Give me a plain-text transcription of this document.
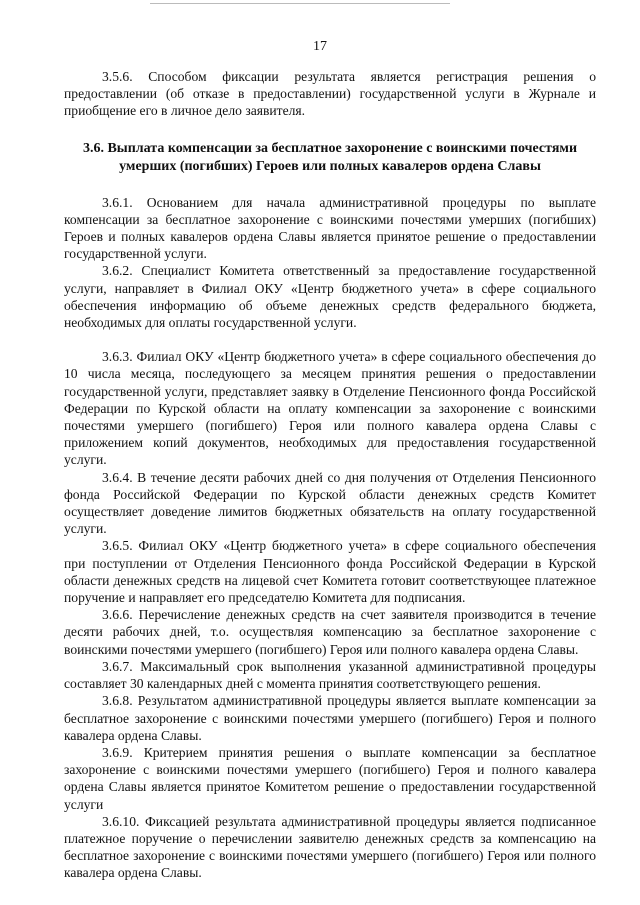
17

3.5.6. Способом фиксации результата является регистрация решения о предоставлении (об отказе в предоставлении) государственной услуги в Журнале и приобщение его в личное дело заявителя.

3.6. Выплата компенсации за бесплатное захоронение с воинскими почестями умерших (погибших) Героев или полных кавалеров ордена Славы

3.6.1. Основанием для начала административной процедуры по выплате компенсации за бесплатное захоронение с воинскими почестями умерших (погибших) Героев и полных кавалеров ордена Славы является принятое решение о предоставлении государственной услуги.

3.6.2. Специалист Комитета ответственный за предоставление государственной услуги, направляет в Филиал ОКУ «Центр бюджетного учета» в сфере социального обеспечения информацию об объеме денежных средств федерального бюджета, необходимых для оплаты государственной услуги.

3.6.3. Филиал ОКУ «Центр бюджетного учета» в сфере социального обеспечения до 10 числа месяца, последующего за месяцем принятия решения о предоставлении государственной услуги, представляет заявку в Отделение Пенсионного фонда Российской Федерации по Курской области на оплату компенсации за захоронение с воинскими почестями умершего (погибшего) Героя или полного кавалера ордена Славы с приложением копий документов, необходимых для предоставления государственной услуги.

3.6.4. В течение десяти рабочих дней со дня получения от Отделения Пенсионного фонда Российской Федерации по Курской области денежных средств Комитет осуществляет доведение лимитов бюджетных обязательств на оплату государственной услуги.

3.6.5. Филиал ОКУ «Центр бюджетного учета» в сфере социального обеспечения при поступлении от Отделения Пенсионного фонда Российской Федерации в Курской области денежных средств на лицевой счет Комитета готовит соответствующее платежное поручение и направляет его председателю Комитета для подписания.

3.6.6. Перечисление денежных средств на счет заявителя производится в течение десяти рабочих дней, т.о. осуществляя компенсацию за бесплатное захоронение с воинскими почестями умершего (погибшего) Героя или полного кавалера ордена Славы.

3.6.7. Максимальный срок выполнения указанной административной процедуры составляет 30 календарных дней с момента принятия соответствующего решения.

3.6.8. Результатом административной процедуры является выплате компенсации за бесплатное захоронение с воинскими почестями умершего (погибшего) Героя и полного кавалера ордена Славы.

3.6.9. Критерием принятия решения о выплате компенсации за бесплатное захоронение с воинскими почестями умершего (погибшего) Героя и полного кавалера ордена Славы является принятое Комитетом решение о предоставлении государственной услуги

3.6.10. Фиксацией результата административной процедуры является подписанное платежное поручение о перечислении заявителю денежных средств за компенсацию на бесплатное захоронение с воинскими почестями умершего (погибшего) Героя или полного кавалера ордена Славы.
